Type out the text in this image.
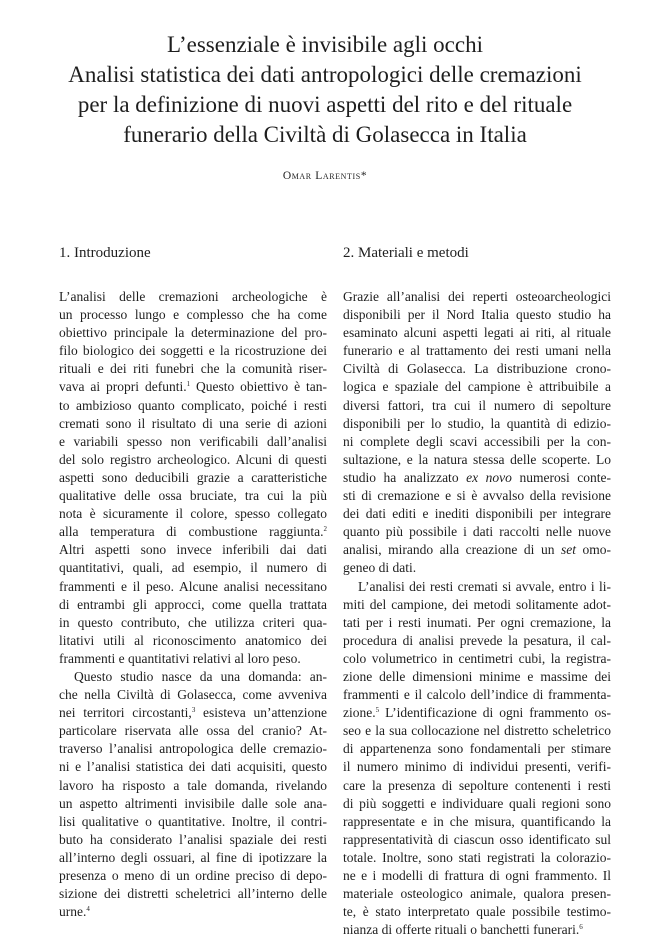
L’essenziale è invisibile agli occhi
Analisi statistica dei dati antropologici delle cremazioni
per la definizione di nuovi aspetti del rito e del rituale
funerario della Civiltà di Golasecca in Italia
Omar Larentis*
1. Introduzione
L’analisi delle cremazioni archeologiche è
un processo lungo e complesso che ha come
obiettivo principale la determinazione del pro-
filo biologico dei soggetti e la ricostruzione dei
rituali e dei riti funebri che la comunità riser-
vava ai propri defunti.$^1$ Questo obiettivo è tan-
to ambizioso quanto complicato, poiché i resti
cremati sono il risultato di una serie di azioni
e variabili spesso non verificabili dall’analisi
del solo registro archeologico. Alcuni di questi
aspetti sono deducibili grazie a caratteristiche
qualitative delle ossa bruciate, tra cui la più
nota è sicuramente il colore, spesso collegato
alla temperatura di combustione raggiunta.$^2$
Altri aspetti sono invece inferibili dai dati
quantitativi, quali, ad esempio, il numero di
frammenti e il peso. Alcune analisi necessitano
di entrambi gli approcci, come quella trattata
in questo contributo, che utilizza criteri qua-
litativi utili al riconoscimento anatomico dei
frammenti e quantitativi relativi al loro peso.
Questo studio nasce da una domanda: an-
che nella Civiltà di Golasecca, come avveniva
nei territori circostanti,$^3$ esisteva un’attenzione
particolare riservata alle ossa del cranio? At-
traverso l’analisi antropologica delle cremazio-
ni e l’analisi statistica dei dati acquisiti, questo
lavoro ha risposto a tale domanda, rivelando
un aspetto altrimenti invisibile dalle sole ana-
lisi qualitative o quantitative. Inoltre, il contri-
buto ha considerato l’analisi spaziale dei resti
all’interno degli ossuari, al fine di ipotizzare la
presenza o meno di un ordine preciso di depo-
sizione dei distretti scheletrici all’interno delle
urne.$^4$
2. Materiali e metodi
Grazie all’analisi dei reperti osteoarcheologici
disponibili per il Nord Italia questo studio ha
esaminato alcuni aspetti legati ai riti, al rituale
funerario e al trattamento dei resti umani nella
Civiltà di Golasecca. La distribuzione crono-
logica e spaziale del campione è attribuibile a
diversi fattori, tra cui il numero di sepolture
disponibili per lo studio, la quantità di edizio-
ni complete degli scavi accessibili per la con-
sultazione, e la natura stessa delle scoperte. Lo
studio ha analizzato ex novo numerosi conte-
sti di cremazione e si è avvalso della revisione
dei dati editi e inediti disponibili per integrare
quanto più possibile i dati raccolti nelle nuove
analisi, mirando alla creazione di un set omo-
geneo di dati.
L’analisi dei resti cremati si avvale, entro i li-
miti del campione, dei metodi solitamente adot-
tati per i resti inumati. Per ogni cremazione, la
procedura di analisi prevede la pesatura, il cal-
colo volumetrico in centimetri cubi, la registra-
zione delle dimensioni minime e massime dei
frammenti e il calcolo dell’indice di frammenta-
zione.$^5$ L’identificazione di ogni frammento os-
seo e la sua collocazione nel distretto scheletrico
di appartenenza sono fondamentali per stimare
il numero minimo di individui presenti, verifi-
care la presenza di sepolture contenenti i resti
di più soggetti e individuare quali regioni sono
rappresentate e in che misura, quantificando la
rappresentatività di ciascun osso identificato sul
totale. Inoltre, sono stati registrati la colorazio-
ne e i modelli di frattura di ogni frammento. Il
materiale osteologico animale, qualora presen-
te, è stato interpretato quale possibile testimo-
nianza di offerte rituali o banchetti funerari.$^6$
